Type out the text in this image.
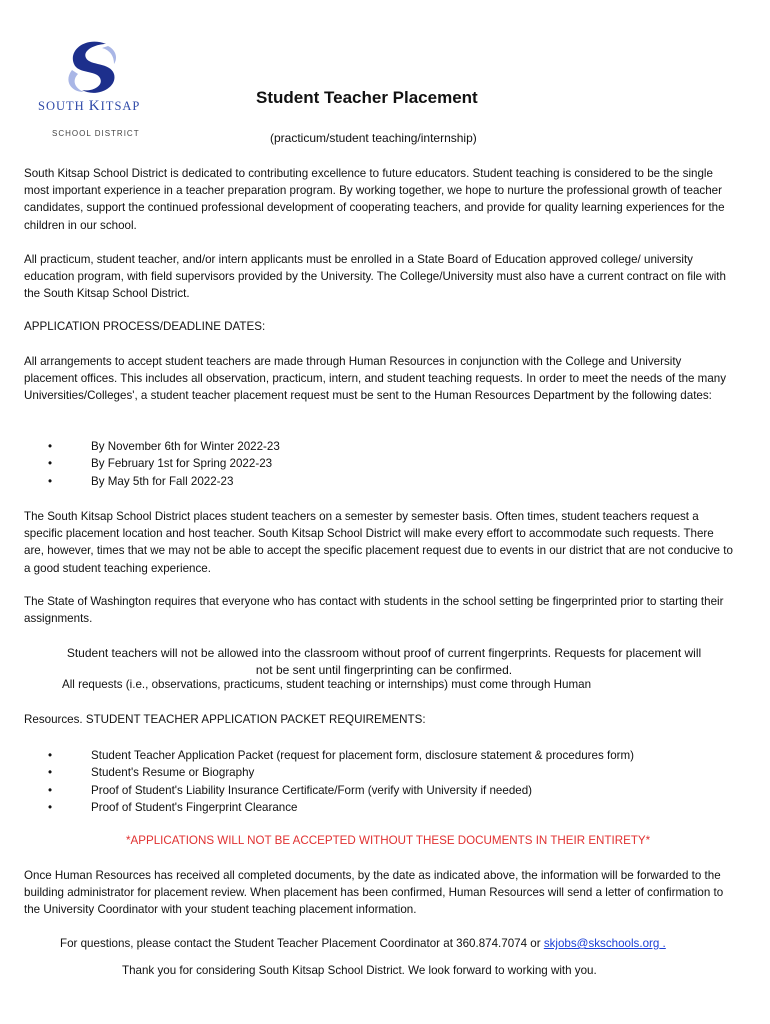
SOUTH KITSAP
SCHOOL DISTRICT
Student Teacher Placement
(practicum/student teaching/internship)
South Kitsap School District is dedicated to contributing excellence to future educators. Student teaching is considered to be the single most important experience in a teacher preparation program. By working together, we hope to nurture the professional growth of teacher candidates, support the continued professional development of cooperating teachers, and provide for quality learning experiences for the children in our school.
All practicum, student teacher, and/or intern applicants must be enrolled in a State Board of Education approved college/ university education program, with field supervisors provided by the University. The College/University must also have a current contract on file with the South Kitsap School District.
APPLICATION PROCESS/DEADLINE DATES:
All arrangements to accept student teachers are made through Human Resources in conjunction with the College and University placement offices. This includes all observation, practicum, intern, and student teaching requests. In order to meet the needs of the many Universities/Colleges', a student teacher placement request must be sent to the Human Resources Department by the following dates:
•	By November 6th for Winter 2022-23
•	By February 1st for Spring 2022-23
•	By May 5th for Fall 2022-23
The South Kitsap School District places student teachers on a semester by semester basis. Often times, student teachers request a specific placement location and host teacher. South Kitsap School District will make every effort to accommodate such requests. There are, however, times that we may not be able to accept the specific placement request due to events in our district that are not conducive to a good student teaching experience.
The State of Washington requires that everyone who has contact with students in the school setting be fingerprinted prior to starting their assignments.
Student teachers will not be allowed into the classroom without proof of current fingerprints. Requests for placement will
not be sent until fingerprinting can be confirmed.
All requests (i.e., observations, practicums, student teaching or internships) must come through Human
Resources. STUDENT TEACHER APPLICATION PACKET REQUIREMENTS:
•	Student Teacher Application Packet (request for placement form, disclosure statement & procedures form)
•	Student's Resume or Biography
•	Proof of Student's Liability Insurance Certificate/Form (verify with University if needed)
•	Proof of Student's Fingerprint Clearance
*APPLICATIONS WILL NOT BE ACCEPTED WITHOUT THESE DOCUMENTS IN THEIR ENTIRETY*
Once Human Resources has received all completed documents, by the date as indicated above, the information will be forwarded to the building administrator for placement review. When placement has been confirmed, Human Resources will send a letter of confirmation to the University Coordinator with your student teaching placement information.
For questions, please contact the Student Teacher Placement Coordinator at 360.874.7074 or skjobs@skschools.org .
Thank you for considering South Kitsap School District. We look forward to working with you.
